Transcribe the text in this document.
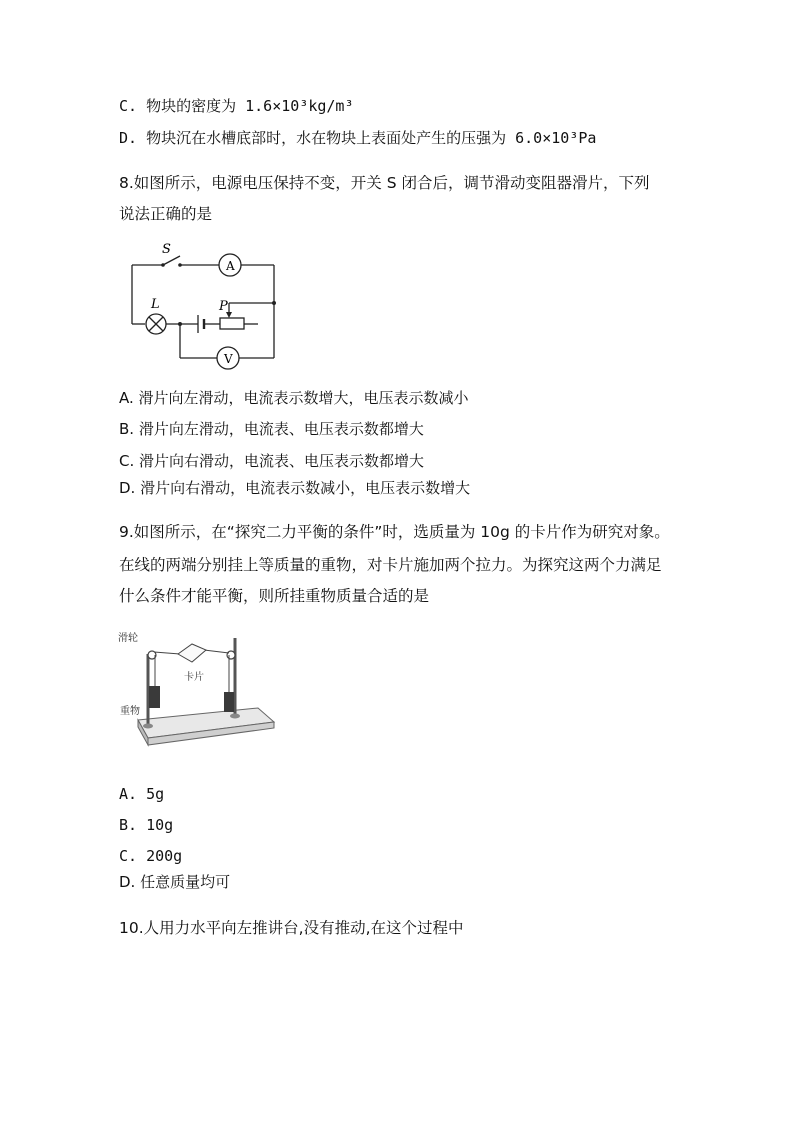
C. 物块的密度为 1.6×10³kg/m³
D. 物块沉在水槽底部时，水在物块上表面处产生的压强为 6.0×10³Pa
8.如图所示，电源电压保持不变，开关 S 闭合后，调节滑动变阻器滑片，下列
说法正确的是
S
A
L	P
V
A. 滑片向左滑动，电流表示数增大，电压表示数减小
B. 滑片向左滑动，电流表、电压表示数都增大
C. 滑片向右滑动，电流表、电压表示数都增大
D. 滑片向右滑动，电流表示数减小，电压表示数增大
9.如图所示，在“探究二力平衡的条件”时，选质量为 10g 的卡片作为研究对象。
在线的两端分别挂上等质量的重物，对卡片施加两个拉力。为探究这两个力满足
什么条件才能平衡，则所挂重物质量合适的是
滑轮
卡片
重物
A. 5g
B. 10g
C. 200g
D. 任意质量均可
10.人用力水平向左推讲台,没有推动,在这个过程中
